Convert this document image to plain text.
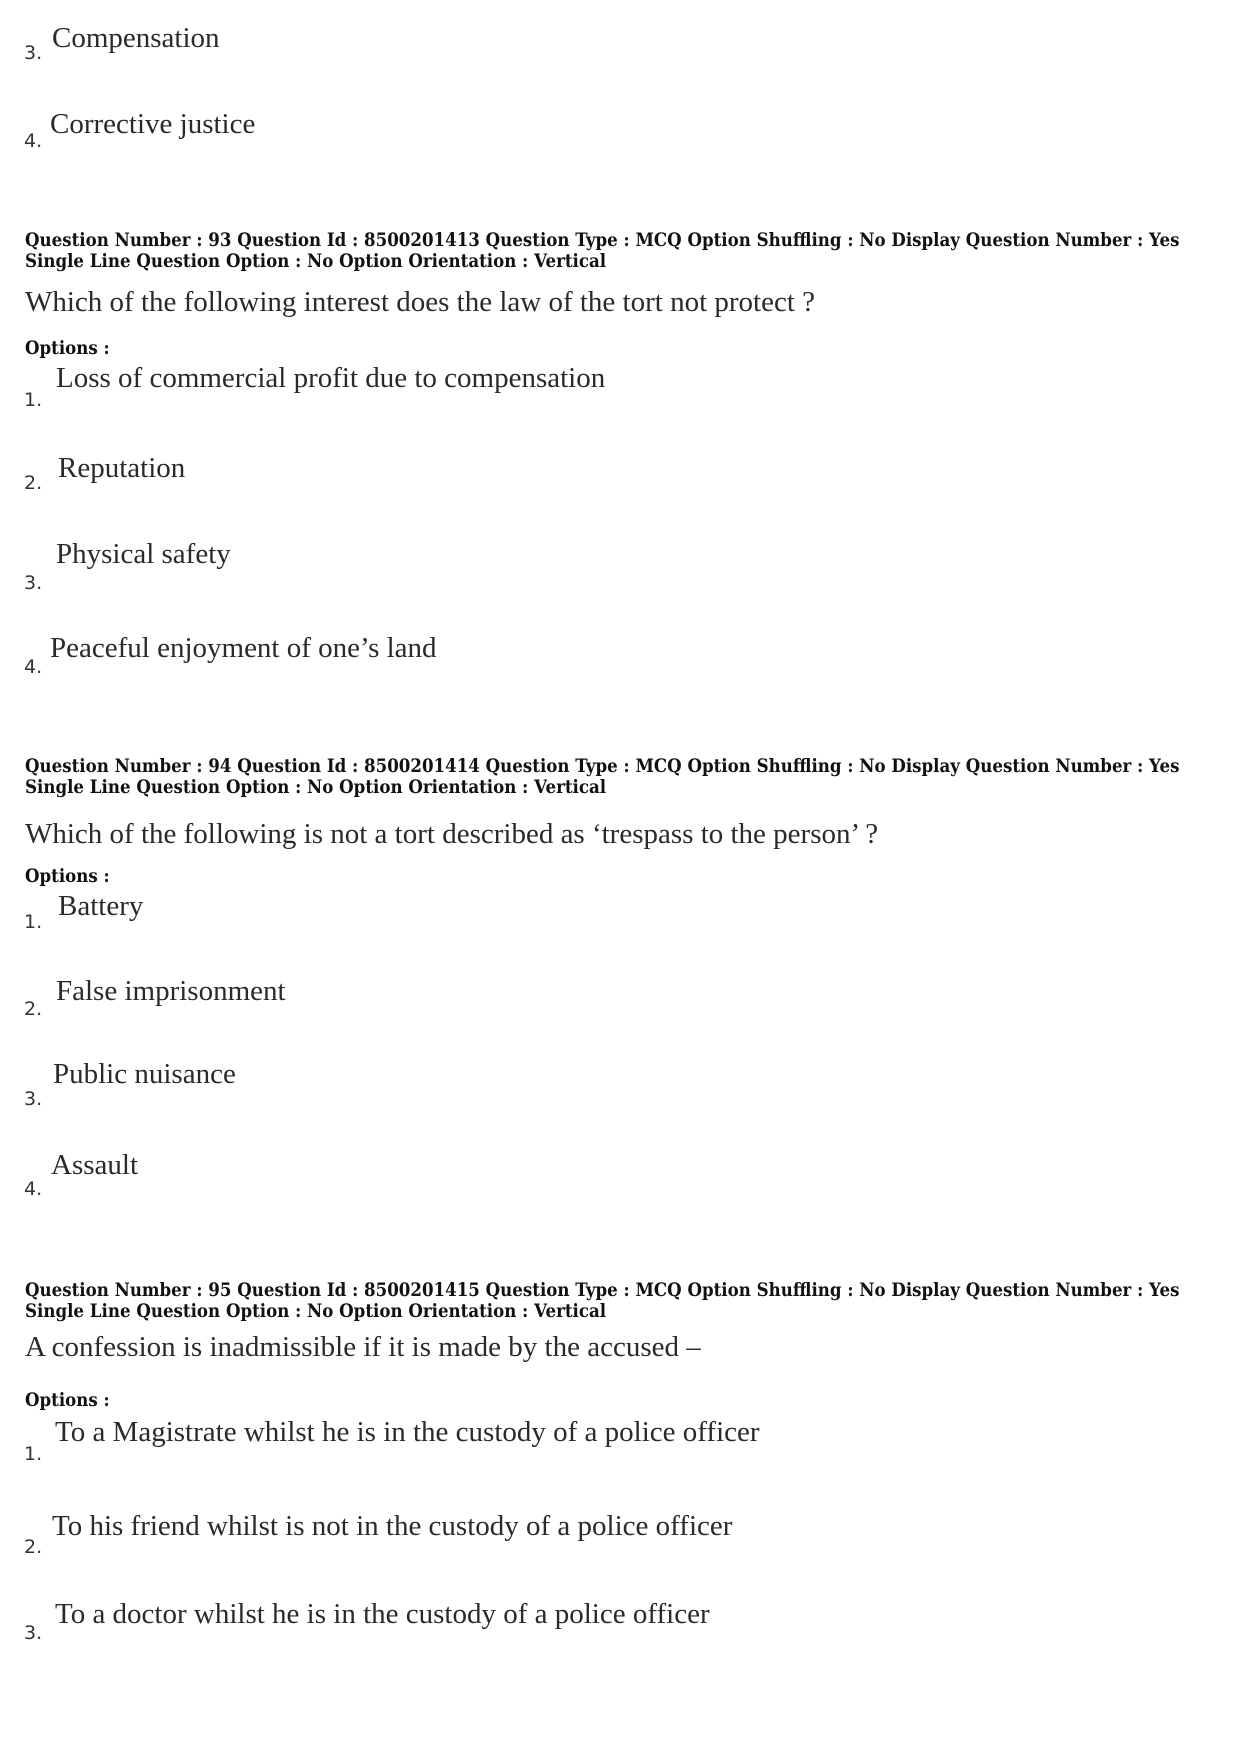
3. Compensation
4.
Corrective justice
Question Number : 93 Question Id : 8500201413 Question Type : MCQ Option Shuffling : No Display Question Number : Yes
Single Line Question Option : No Option Orientation : Vertical
Which of the following interest does the law of the tort not protect ?
Options :
1.
Loss of commercial profit due to compensation
2. Reputation
3.
Physical safety
4.
Peaceful enjoyment of one’s land
Question Number : 94 Question Id : 8500201414 Question Type : MCQ Option Shuffling : No Display Question Number : Yes
Single Line Question Option : No Option Orientation : Vertical
Which of the following is not a tort described as ‘trespass to the person’ ?
Options :
1. Battery
2.
False imprisonment
3.
Public nuisance
4.
Assault
Question Number : 95 Question Id : 8500201415 Question Type : MCQ Option Shuffling : No Display Question Number : Yes
Single Line Question Option : No Option Orientation : Vertical
A confession is inadmissible if it is made by the accused –
Options :
1.
To a Magistrate whilst he is in the custody of a police officer
2.
To his friend whilst is not in the custody of a police officer
3.
To a doctor whilst he is in the custody of a police officer
